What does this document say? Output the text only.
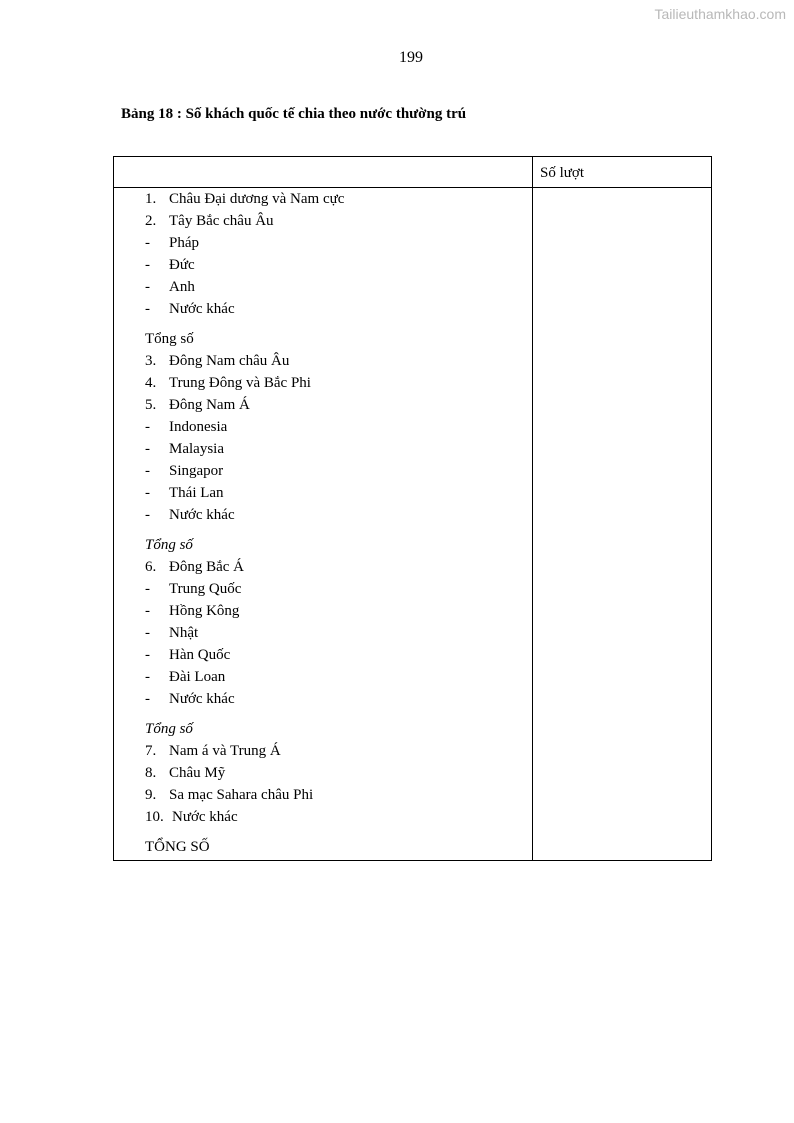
Tailieuthamkhao.com
199
Bảng 18 : Số khách quốc tế chia theo nước thường trú
Số lượt
1. Châu Đại dương và Nam cực
2. Tây Bắc châu Âu
- Pháp
- Đức
- Anh
- Nước khác
Tổng số
3. Đông Nam châu Âu
4. Trung Đông và Bắc Phi
5. Đông Nam Á
- Indonesia
- Malaysia
- Singapor
- Thái Lan
- Nước khác
Tổng số
6. Đông Bắc Á
- Trung Quốc
- Hồng Kông
- Nhật
- Hàn Quốc
- Đài Loan
- Nước khác
Tổng số
7. Nam á và Trung Á
8. Châu Mỹ
9. Sa mạc Sahara châu Phi
10. Nước khác
TỔNG SỐ
